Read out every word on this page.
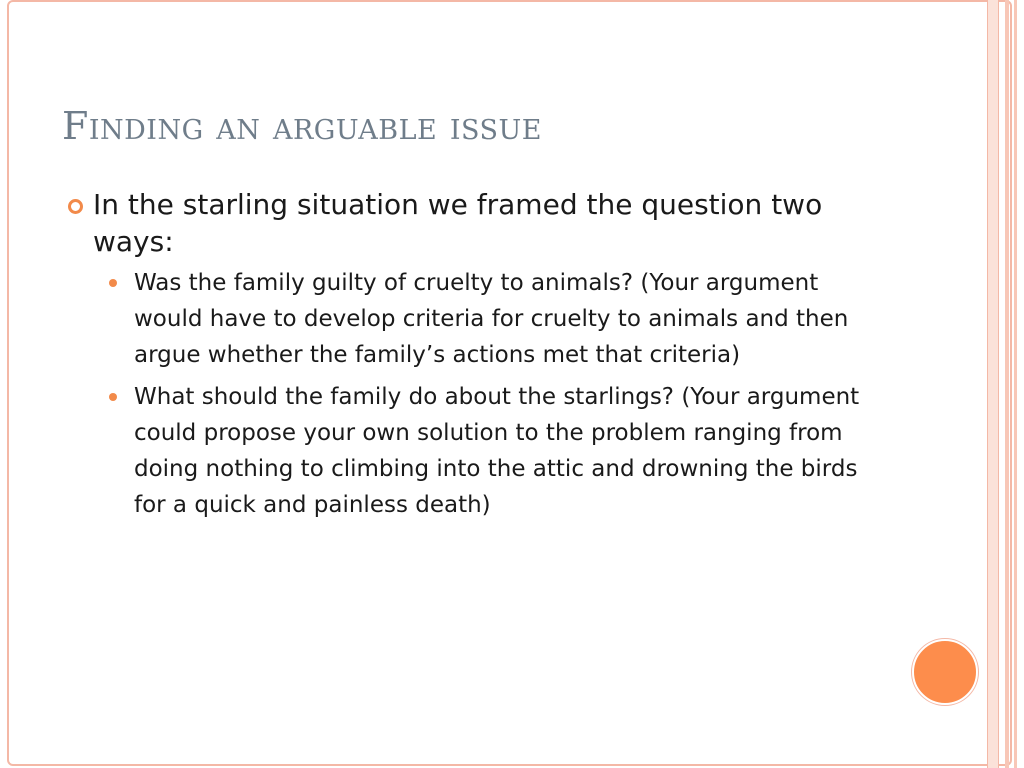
Finding an arguable issue
In the starling situation we framed the question two ways:
Was the family guilty of cruelty to animals? (Your argument would have to develop criteria for cruelty to animals and then argue whether the family’s actions met that criteria)
What should the family do about the starlings? (Your argument could propose your own solution to the problem ranging from doing nothing to climbing into the attic and drowning the birds for a quick and painless death)
